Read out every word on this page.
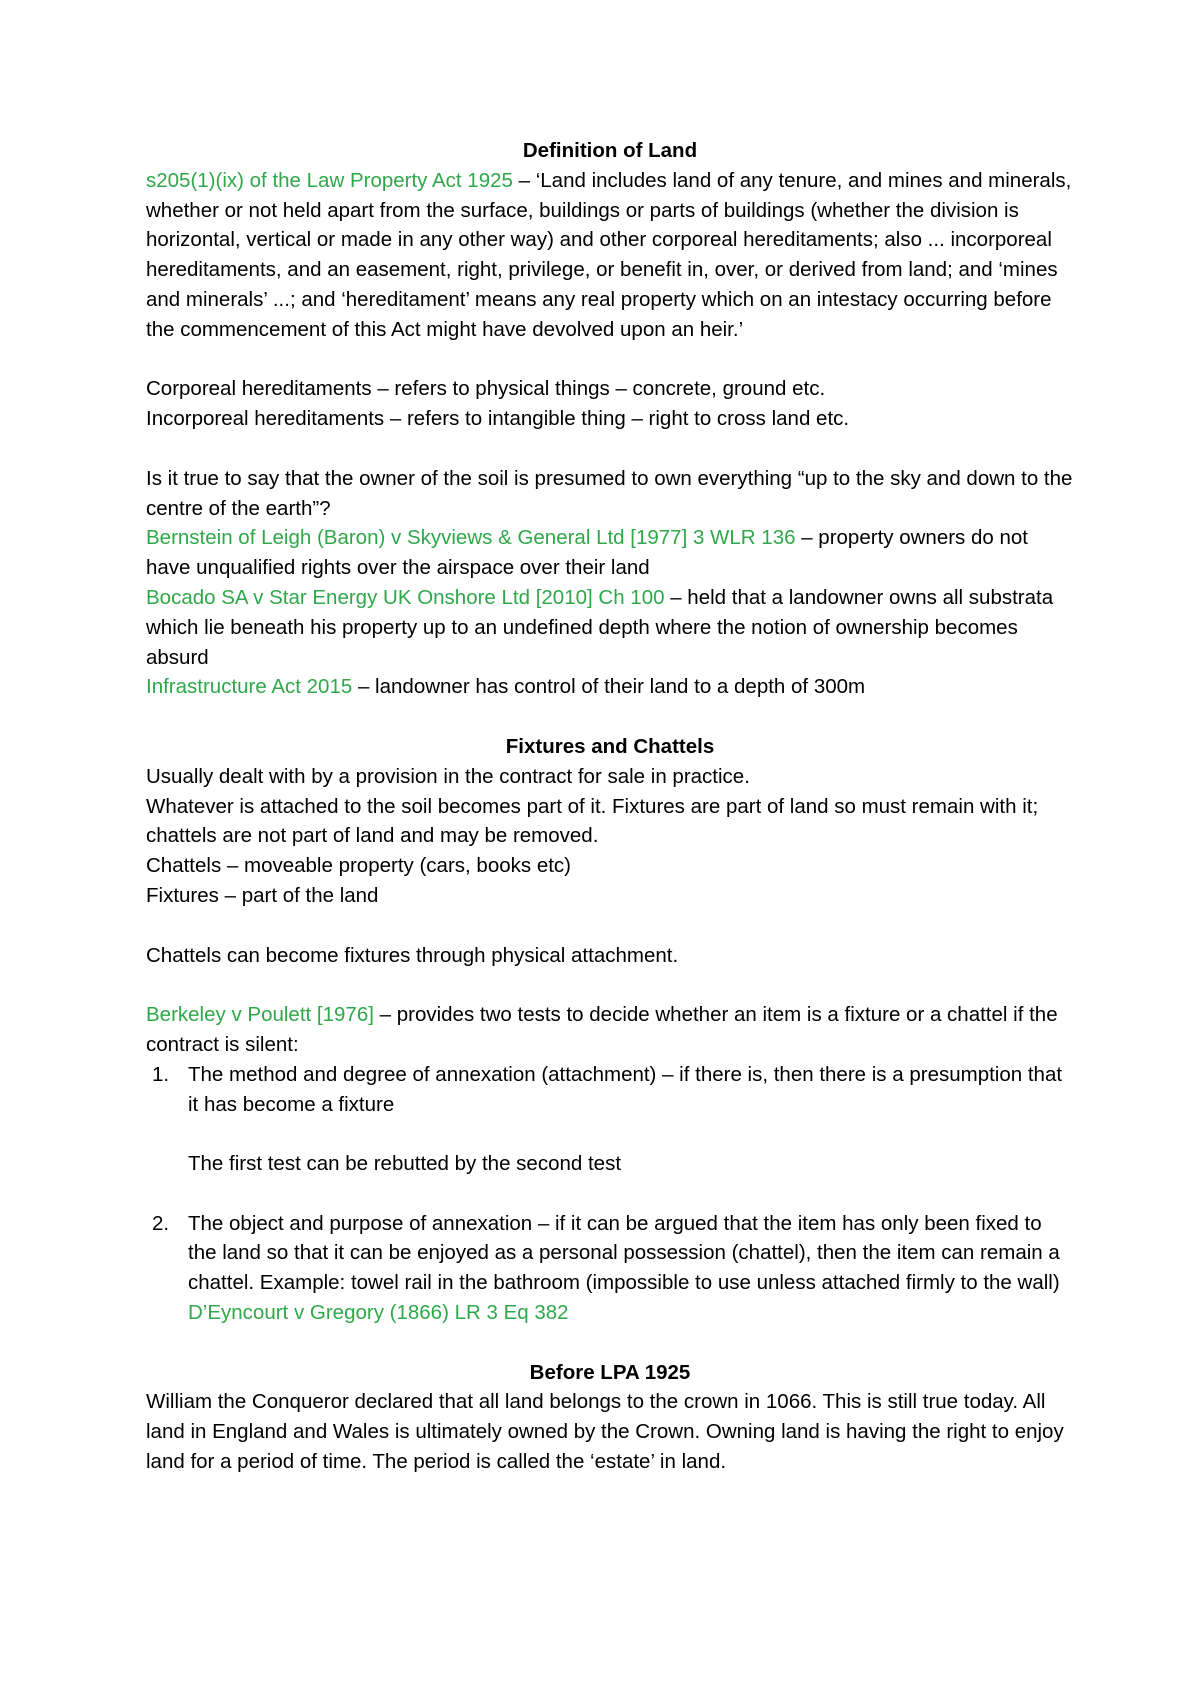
Definition of Land

s205(1)(ix) of the Law Property Act 1925 – ‘Land includes land of any tenure, and mines and minerals, whether or not held apart from the surface, buildings or parts of buildings (whether the division is horizontal, vertical or made in any other way) and other corporeal hereditaments; also ... incorporeal hereditaments, and an easement, right, privilege, or benefit in, over, or derived from land; and ‘mines and minerals’ ...; and ‘hereditament’ means any real property which on an intestacy occurring before the commencement of this Act might have devolved upon an heir.’

Corporeal hereditaments – refers to physical things – concrete, ground etc.

Incorporeal hereditaments – refers to intangible thing – right to cross land etc.

Is it true to say that the owner of the soil is presumed to own everything “up to the sky and down to the centre of the earth”?

Bernstein of Leigh (Baron) v Skyviews & General Ltd [1977] 3 WLR 136 – property owners do not have unqualified rights over the airspace over their land

Bocado SA v Star Energy UK Onshore Ltd [2010] Ch 100 – held that a landowner owns all substrata which lie beneath his property up to an undefined depth where the notion of ownership becomes absurd

Infrastructure Act 2015 – landowner has control of their land to a depth of 300m

Fixtures and Chattels

Usually dealt with by a provision in the contract for sale in practice.

Whatever is attached to the soil becomes part of it. Fixtures are part of land so must remain with it; chattels are not part of land and may be removed.

Chattels – moveable property (cars, books etc)

Fixtures – part of the land

Chattels can become fixtures through physical attachment.

Berkeley v Poulett [1976] – provides two tests to decide whether an item is a fixture or a chattel if the contract is silent:

1. The method and degree of annexation (attachment) – if there is, then there is a presumption that it has become a fixture

The first test can be rebutted by the second test

2. The object and purpose of annexation – if it can be argued that the item has only been fixed to the land so that it can be enjoyed as a personal possession (chattel), then the item can remain a chattel. Example: towel rail in the bathroom (impossible to use unless attached firmly to the wall)
D’Eyncourt v Gregory (1866) LR 3 Eq 382

Before LPA 1925

William the Conqueror declared that all land belongs to the crown in 1066. This is still true today. All land in England and Wales is ultimately owned by the Crown. Owning land is having the right to enjoy land for a period of time. The period is called the ‘estate’ in land.
